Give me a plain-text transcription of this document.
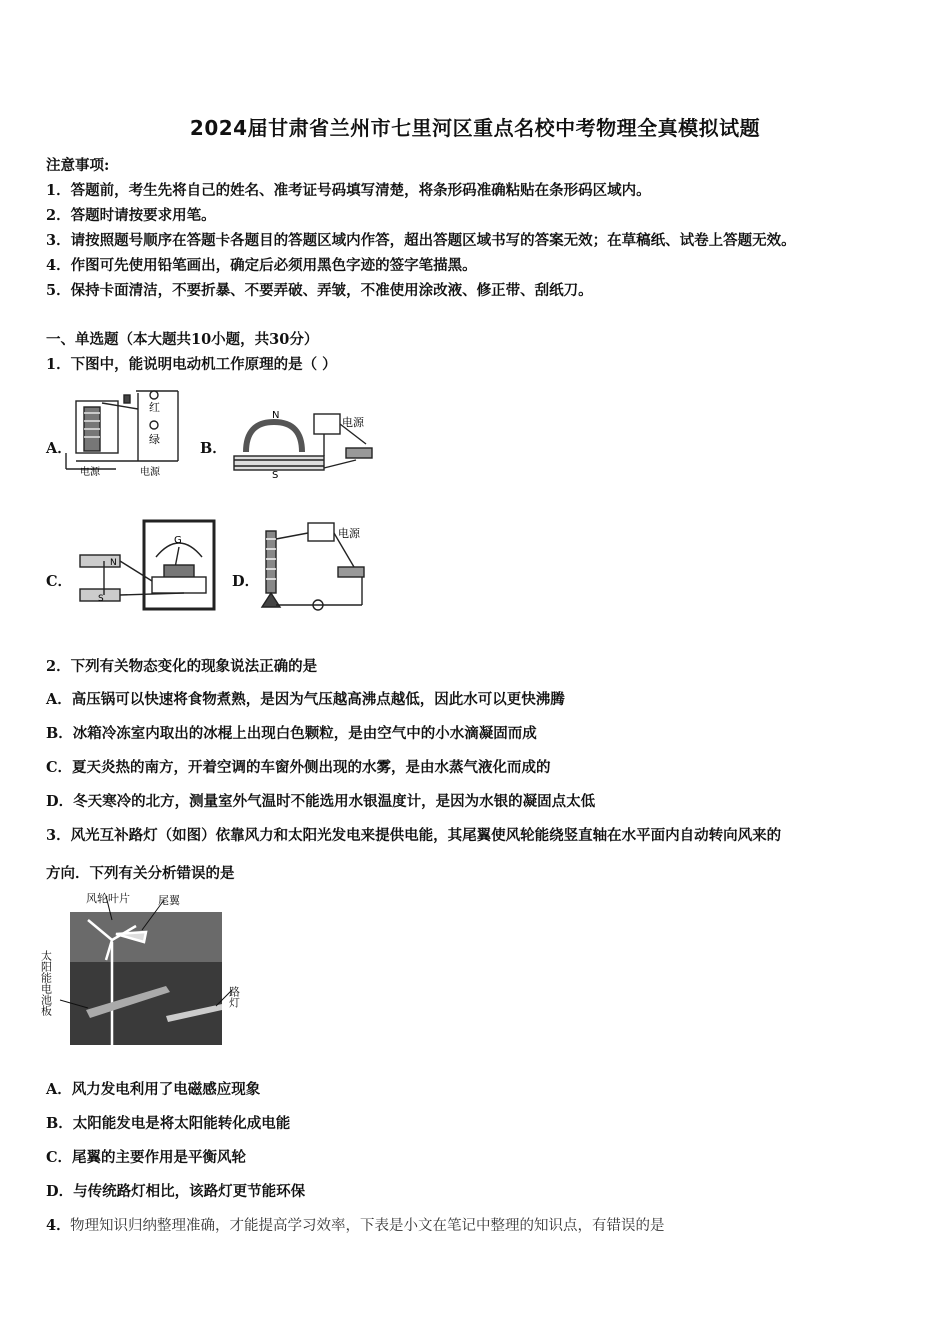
2024届甘肃省兰州市七里河区重点名校中考物理全真模拟试题
注意事项:
1．答题前，考生先将自己的姓名、准考证号码填写清楚，将条形码准确粘贴在条形码区域内。
2．答题时请按要求用笔。
3．请按照题号顺序在答题卡各题目的答题区域内作答，超出答题区域书写的答案无效；在草稿纸、试卷上答题无效。
4．作图可先使用铅笔画出，确定后必须用黑色字迹的签字笔描黑。
5．保持卡面清洁，不要折暴、不要弄破、弄皱，不准使用涂改液、修正带、刮纸刀。
一、单选题（本大题共10小题，共30分）
1．下图中，能说明电动机工作原理的是（ ）
A．	B．
C．	D．
红
绿
电源	电源
N
S
电源
G
N
S
电源
2．下列有关物态变化的现象说法正确的是
A．高压锅可以快速将食物煮熟，是因为气压越高沸点越低，因此水可以更快沸腾
B．冰箱冷冻室内取出的冰棍上出现白色颗粒，是由空气中的小水滴凝固而成
C．夏天炎热的南方，开着空调的车窗外侧出现的水雾，是由水蒸气液化而成的
D．冬天寒冷的北方，测量室外气温时不能选用水银温度计，是因为水银的凝固点太低
3．风光互补路灯（如图）依靠风力和太阳光发电来提供电能，其尾翼使风轮能绕竖直轴在水平面内自动转向风来的
方向．下列有关分析错误的是
风轮叶片	尾翼
太阳能电池板	路灯
A．风力发电利用了电磁感应现象
B．太阳能发电是将太阳能转化成电能
C．尾翼的主要作用是平衡风轮
D．与传统路灯相比，该路灯更节能环保
4． 物理知识归纳整理准确，才能提高学习效率，下表是小文在笔记中整理的知识点，有错误的是
